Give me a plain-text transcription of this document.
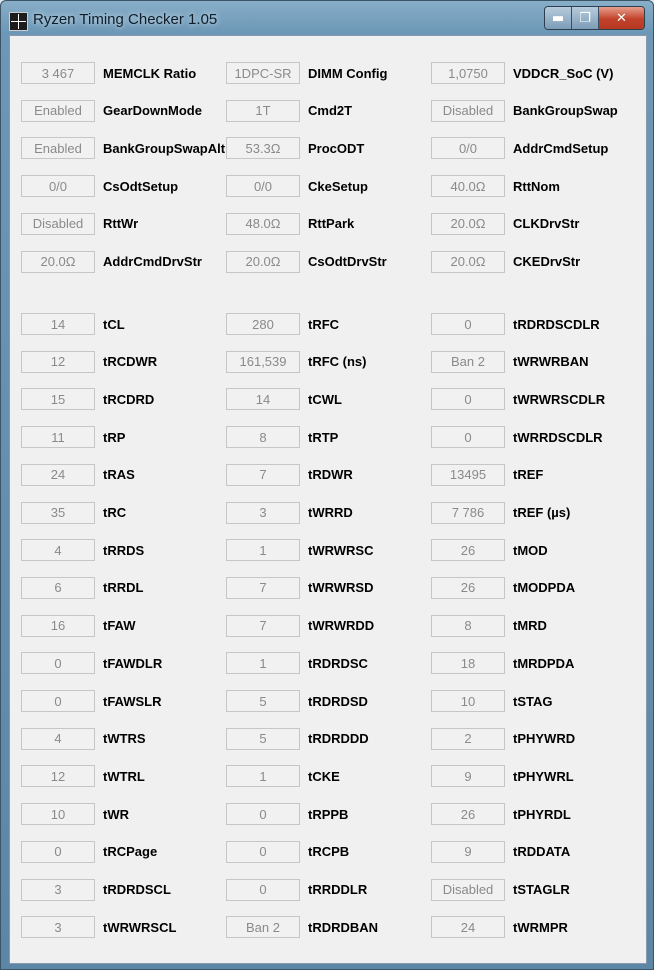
Ryzen Timing Checker 1.05	▬	❐	✕
3 467	MEMCLK Ratio	1DPC-SR	DIMM Config	1,0750	VDDCR_SoC (V)
Enabled	GearDownMode	1T	Cmd2T	Disabled	BankGroupSwap
Enabled	BankGroupSwapAlt	53.3Ω	ProcODT	0/0	AddrCmdSetup
0/0	CsOdtSetup	0/0	CkeSetup	40.0Ω	RttNom
Disabled	RttWr	48.0Ω	RttPark	20.0Ω	CLKDrvStr
20.0Ω	AddrCmdDrvStr	20.0Ω	CsOdtDrvStr	20.0Ω	CKEDrvStr
14	tCL	280	tRFC	0	tRDRDSCDLR
12	tRCDWR	161,539	tRFC (ns)	Ban 2	tWRWRBAN
15	tRCDRD	14	tCWL	0	tWRWRSCDLR
11	tRP	8	tRTP	0	tWRRDSCDLR
24	tRAS	7	tRDWR	13495	tREF
35	tRC	3	tWRRD	7 786	tREF (µs)
4	tRRDS	1	tWRWRSC	26	tMOD
6	tRRDL	7	tWRWRSD	26	tMODPDA
16	tFAW	7	tWRWRDD	8	tMRD
0	tFAWDLR	1	tRDRDSC	18	tMRDPDA
0	tFAWSLR	5	tRDRDSD	10	tSTAG
4	tWTRS	5	tRDRDDD	2	tPHYWRD
12	tWTRL	1	tCKE	9	tPHYWRL
10	tWR	0	tRPPB	26	tPHYRDL
0	tRCPage	0	tRCPB	9	tRDDATA
3	tRDRDSCL	0	tRRDDLR	Disabled	tSTAGLR
3	tWRWRSCL	Ban 2	tRDRDBAN	24	tWRMPR
